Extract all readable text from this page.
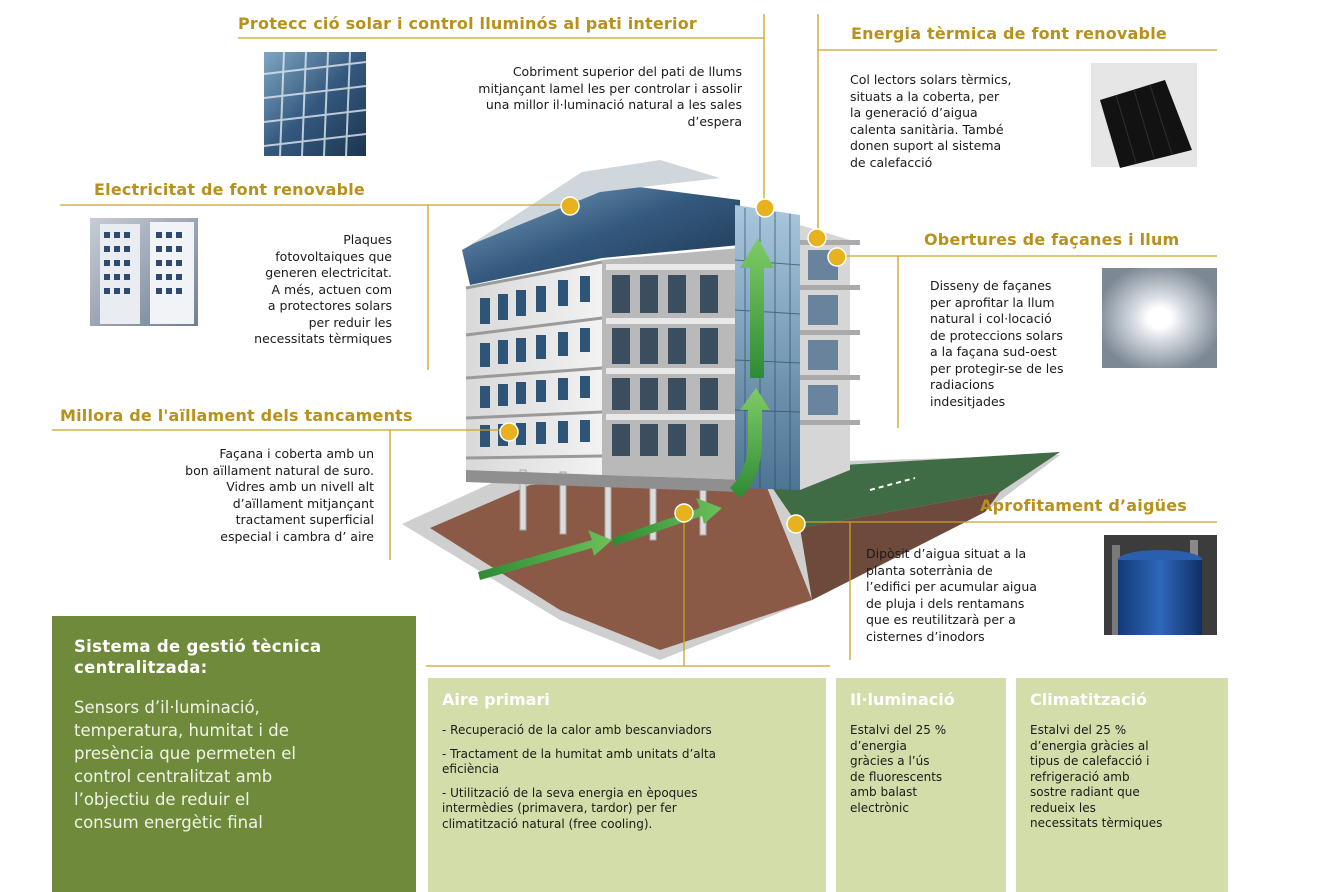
Protecc ció solar i control lluminós al pati interior
Cobriment superior del pati de llums
mitjançant lamel les per controlar i assolir
una millor il·luminació natural a les sales
d’espera
Energia tèrmica de font renovable
Col lectors solars tèrmics,
situats a la coberta, per
la generació d’aigua
calenta sanitària. També
donen suport al sistema
de calefacció
Electricitat de font renovable
Plaques
fotovoltaiques que
generen electricitat.
A més, actuen com
a protectores solars
per reduir les
necessitats tèrmiques
Obertures de façanes i llum
Disseny de façanes
per aprofitar la llum
natural i col·locació
de proteccions solars
a la façana sud-oest
per protegir-se de les
radiacions
indesitjades
Millora de l'aïllament dels tancaments
Façana i coberta amb un
bon aïllament natural de suro.
Vidres amb un nivell alt
d’aïllament mitjançant
tractament superficial
especial i cambra d’ aire
Aprofitament d’aigües
Dipòsit d’aigua situat a la
planta soterrània de
l’edifici per acumular aigua
de pluja i dels rentamans
que es reutilitzarà per a
cisternes d’inodors
Sistema de gestió tècnica
centralitzada:
Sensors d’il·luminació,
temperatura, humitat i de
presència que permeten el
control centralitzat amb
l’objectiu de reduir el
consum energètic final
Aire primari

- Recuperació de la calor amb bescanviadors

- Tractament de la humitat amb unitats d’alta
eficiència

- Utilització de la seva energia en èpoques
intermèdies (primavera, tardor) per fer
climatització natural (free cooling).

Il·luminació
Estalvi del 25 %
d’energia
gràcies a l’ús
de fluorescents
amb balast
electrònic
Climatització
Estalvi del 25 %
d’energia gràcies al
tipus de calefacció i
refrigeració amb
sostre radiant que
redueix les
necessitats tèrmiques
